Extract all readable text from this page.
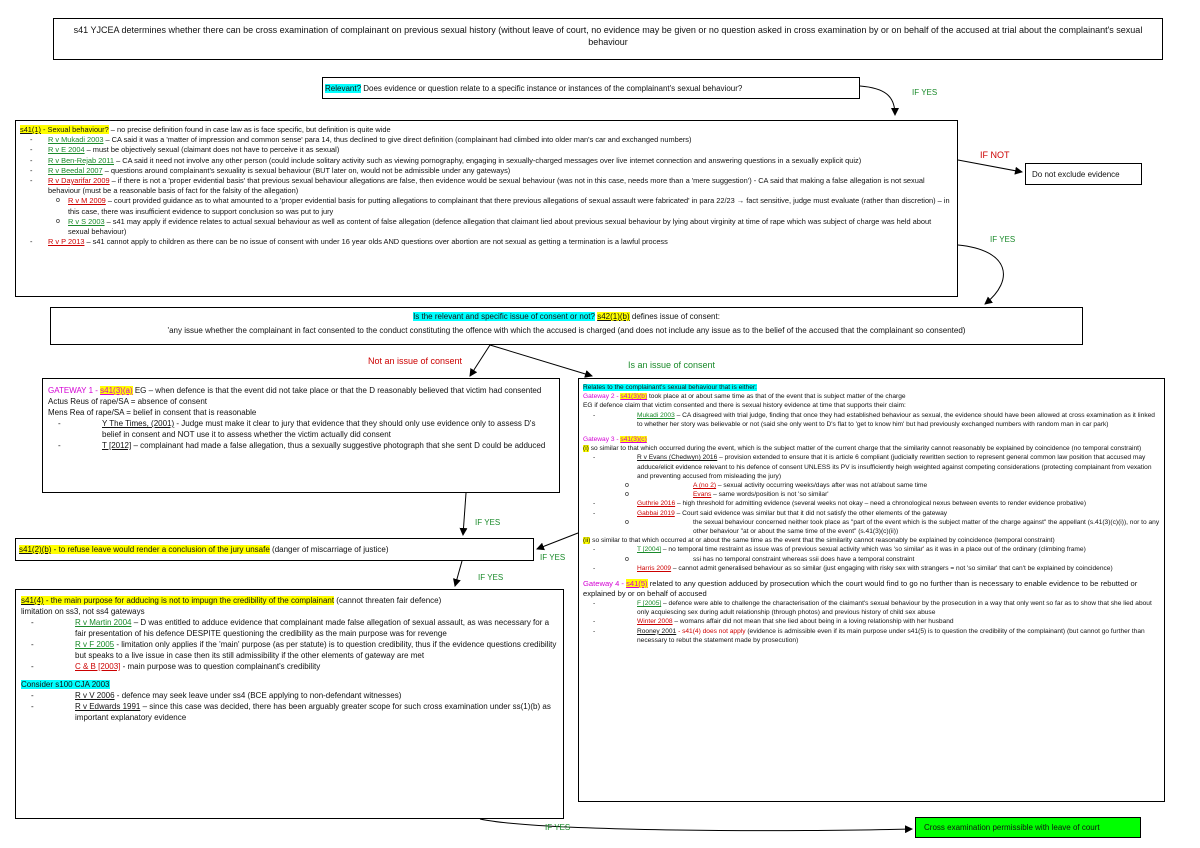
s41 YJCEA determines whether there can be cross examination of complainant on previous sexual history (without leave of court, no evidence may be given or no question asked in cross examination by or on behalf of the accused at trial about the complainant's sexual behaviour
Relevant? Does evidence or question relate to a specific instance or instances of the complainant's sexual behaviour?

s41(1) - Sexual behaviour? – no precise definition found in case law as is face specific, but definition is quite wide

- R v Mukadi 2003 – CA said it was a 'matter of impression and common sense' para 14, thus declined to give direct definition (complainant had climbed into older man's car and exchanged numbers)
- R v E 2004 – must be objectively sexual (claimant does not have to perceive it as sexual)
- R v Ben-Rejab 2011 – CA said it need not involve any other person (could include solitary activity such as viewing pornography, engaging in sexually-charged messages over live internet connection and answering questions in a sexually explicit quiz)
- R v Beedal 2007 – questions around complainant's sexuality is sexual behaviour (BUT later on, would not be admissible under any gateways)
- R v Dayarifar 2009 – if there is not a 'proper evidential basis' that previous sexual behaviour allegations are false, then evidence would be sexual behaviour (was not in this case, needs more than a 'mere suggestion') - CA said that making a false allegation is not sexual behaviour (must be a reasonable basis of fact for the falsity of the allegation)
o R v M 2009 – court provided guidance as to what amounted to a 'proper evidential basis for putting allegations to complainant that there previous allegations of sexual assault were fabricated' in para 22/23 → fact sensitive, judge must evaluate (rather than discretion) – in this case, there was insufficient evidence to support conclusion so was put to jury
o R v S 2003 – s41 may apply if evidence relates to actual sexual behaviour as well as content of false allegation (defence allegation that claimant lied about previous sexual behaviour by lying about virginity at time of rape which was subject of charge was held about sexual behaviour)
- R v P 2013 – s41 cannot apply to children as there can be no issue of consent with under 16 year olds AND questions over abortion are not sexual as getting a termination is a lawful process
Do not exclude evidence

Is the relevant and specific issue of consent or not? s42(1)(b) defines issue of consent:

'any issue whether the complainant in fact consented to the conduct constituting the offence with which the accused is charged (and does not include any issue as to the belief of the accused that the complainant so consented)

GATEWAY 1 - s41(3)(a) EG – when defence is that the event did not take place or that the D reasonably believed that victim had consented

Actus Reus of rape/SA = absence of consent

Mens Rea of rape/SA = belief in consent that is reasonable

- Y The Times, (2001) - Judge must make it clear to jury that evidence that they should only use evidence only to assess D's belief in consent and NOT use it to assess whether the victim actually did consent
- T [2012] – complainant had made a false allegation, thus a sexually suggestive photograph that she sent D could be adduced
s41(2)(b) - to refuse leave would render a conclusion of the jury unsafe (danger of miscarriage of justice)

s41(4) - the main purpose for adducing is not to impugn the credibility of the complainant (cannot threaten fair defence)

limitation on ss3, not ss4 gateways

- R v Martin 2004 – D was entitled to adduce evidence that complainant made false allegation of sexual assault, as was necessary for a fair presentation of his defence DESPITE questioning the credibility as the main purpose was for revenge
- R v F 2005 - limitation only applies if the 'main' purpose (as per statute) is to question credibility, thus if the evidence questions credibility but speaks to a live issue in case then its still admissibility if the other elements of gateway are met
- C & B [2003] - main purpose was to question complainant's credibility

Consider s100 CJA 2003

- R v V 2006 - defence may seek leave under ss4 (BCE applying to non-defendant witnesses)
- R v Edwards 1991 – since this case was decided, there has been arguably greater scope for such cross examination under ss(1)(b) as important explanatory evidence

Relates to the complainant's sexual behaviour that is either:

Gateway 2 - s41(3)(b) took place at or about same time as that of the event that is subject matter of the charge

EG if defence claim that victim consented and there is sexual history evidence at time that supports their claim:

- Mukadi 2003 – CA disagreed with trial judge, finding that once they had established behaviour as sexual, the evidence should have been allowed at cross examination as it linked to whether her story was believable or not (said she only went to D's flat to 'get to know him' but had previously exchanged numbers with random man in car park)

Gateway 3 - s41(3)(c)

(i) so similar to that which occurred during the event, which is the subject matter of the current charge that the similarity cannot reasonably be explained by coincidence (no temporal constraint)

- R v Evans (Chedwyn) 2016 – provision extended to ensure that it is article 6 compliant (judicially rewritten section to represent general common law position that accused may adduce/elicit evidence relevant to his defence of consent UNLESS its PV is insufficiently heigh weighted against competing considerations (protecting complainant from vexation and preventing accused from misleading the jury)
o A (no 2) – sexual activity occurring weeks/days after was not at/about same time
o Evans – same words/position is not 'so similar'
- Guthrie 2016 – high threshold for admitting evidence (several weeks not okay – need a chronological nexus between events to render evidence probative)
- Gabbai 2019 – Court said evidence was similar but that it did not satisfy the other elements of the gateway
o the sexual behaviour concerned neither took place as "part of the event which is the subject matter of the charge against" the appellant (s.41(3)(c)(i)), nor to any other behaviour "at or about the same time of the event" (s.41(3)(c)(ii))

(ii) so similar to that which occurred at or about the same time as the event that the similarity cannot reasonably be explained by coincidence (temporal constraint)

- T [2004] – no temporal time restraint as issue was of previous sexual activity which was 'so similar' as it was in a place out of the ordinary (climbing frame)
o ssi has no temporal constraint whereas ssii does have a temporal constraint
- Harris 2009 – cannot admit generalised behaviour as so similar (just engaging with risky sex with strangers = not 'so similar' that can't be explained by coincidence)

Gateway 4 - s41(5) related to any question adduced by prosecution which the court would find to go no further than is necessary to enable evidence to be rebutted or explained by or on behalf of accused

- F [2005] – defence were able to challenge the characterisation of the claimant's sexual behaviour by the prosecution in a way that only went so far as to show that she lied about only acquiescing sex during adult relationship (through photos) and previous history of child sex abuse
- Winter 2008 – womans affair did not mean that she lied about being in a loving relationship with her husband
- Rooney 2001 - s41(4) does not apply (evidence is admissible even if its main purpose under s41(5) is to question the credibility of the complainant) (but cannot go further than necessary to rebut the statement made by prosecution)
Cross examination permissible with leave of court
IF YES
IF NOT
IF YES
Not an issue of consent	Is an issue of consent
IF YES
IF YES
IF YES
IF YES
